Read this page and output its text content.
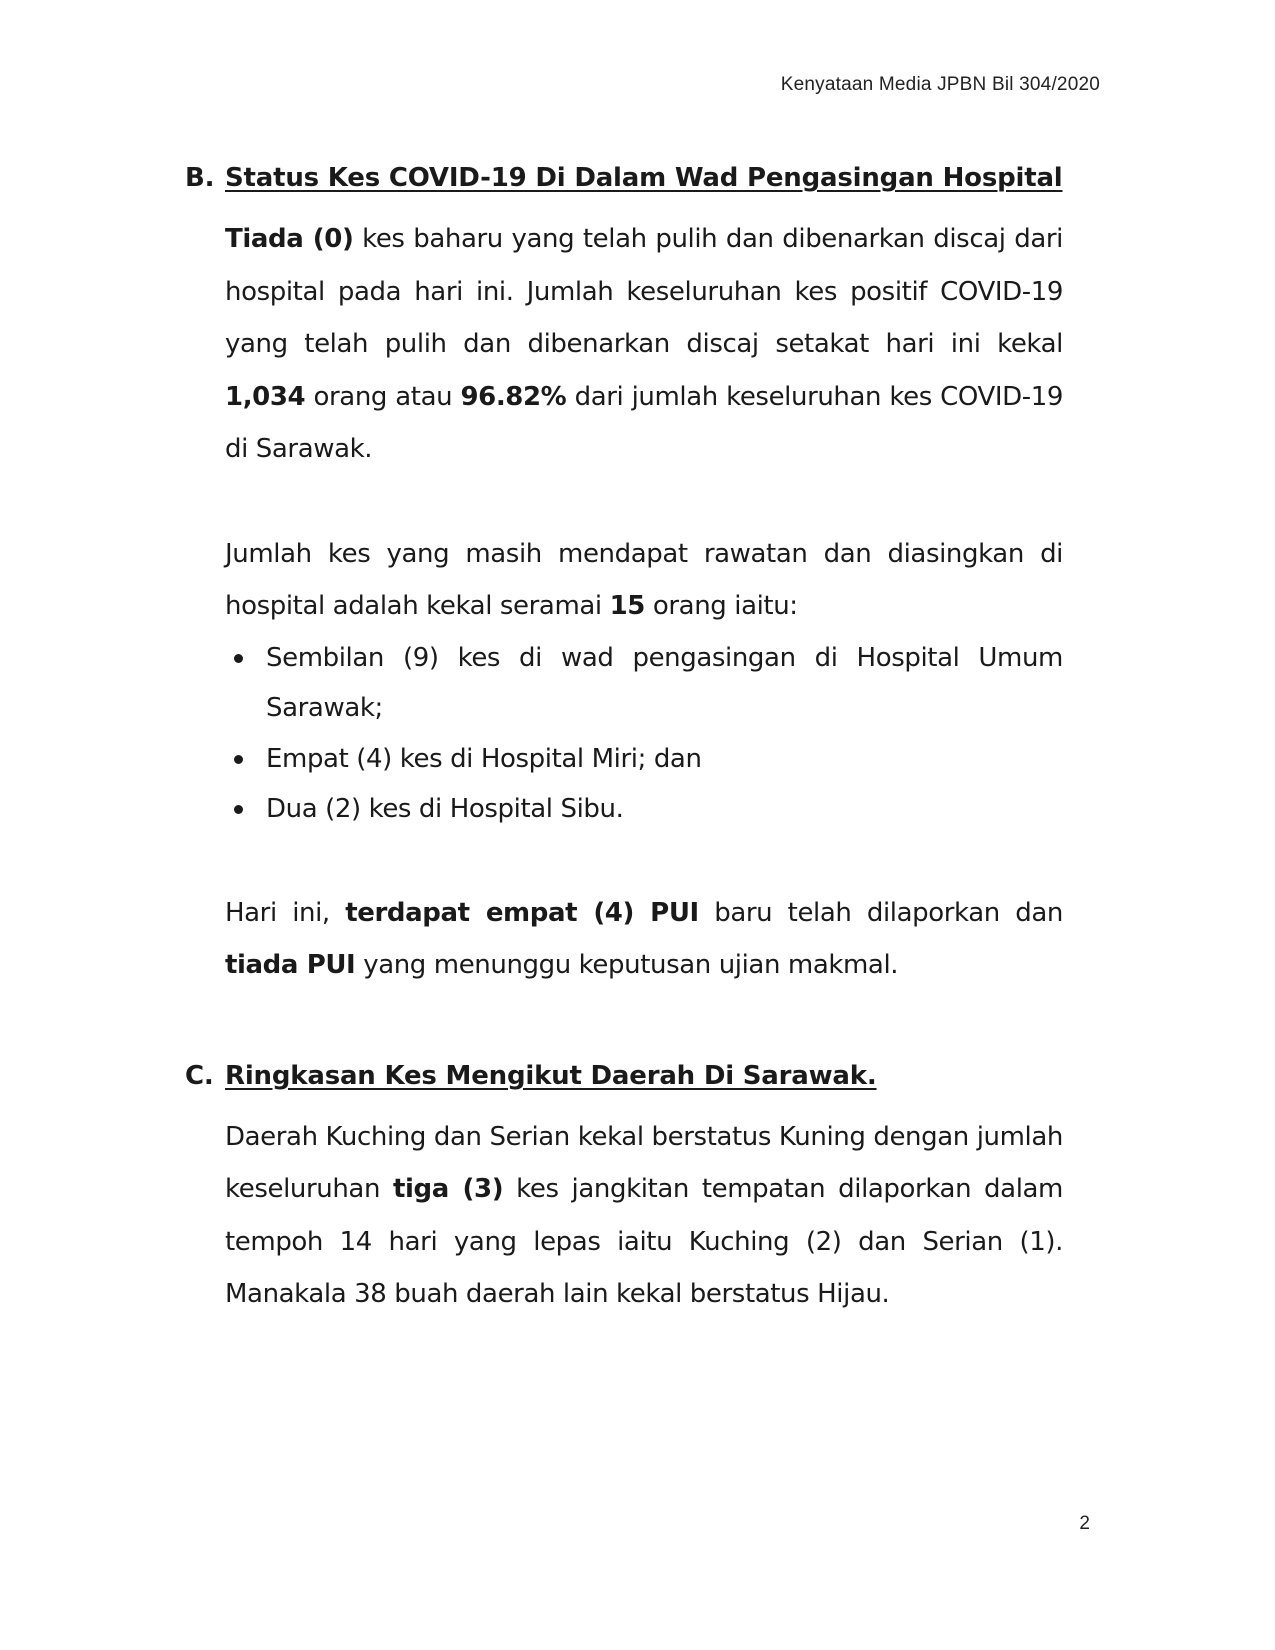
Kenyataan Media JPBN Bil 304/2020
B. Status Kes COVID-19 Di Dalam Wad Pengasingan Hospital

Tiada (0) kes baharu yang telah pulih dan dibenarkan discaj dari hospital pada hari ini. Jumlah keseluruhan kes positif COVID-19 yang telah pulih dan dibenarkan discaj setakat hari ini kekal 1,034 orang atau 96.82% dari jumlah keseluruhan kes COVID-19 di Sarawak.

Jumlah kes yang masih mendapat rawatan dan diasingkan di hospital adalah kekal seramai 15 orang iaitu:

Sembilan (9) kes di wad pengasingan di Hospital Umum Sarawak;
Empat (4) kes di Hospital Miri; dan
Dua (2) kes di Hospital Sibu.

Hari ini, terdapat empat (4) PUI baru telah dilaporkan dan tiada PUI yang menunggu keputusan ujian makmal.

C. Ringkasan Kes Mengikut Daerah Di Sarawak.

Daerah Kuching dan Serian kekal berstatus Kuning dengan jumlah keseluruhan tiga (3) kes jangkitan tempatan dilaporkan dalam tempoh 14 hari yang lepas iaitu Kuching (2) dan Serian (1). Manakala 38 buah daerah lain kekal berstatus Hijau.

2
